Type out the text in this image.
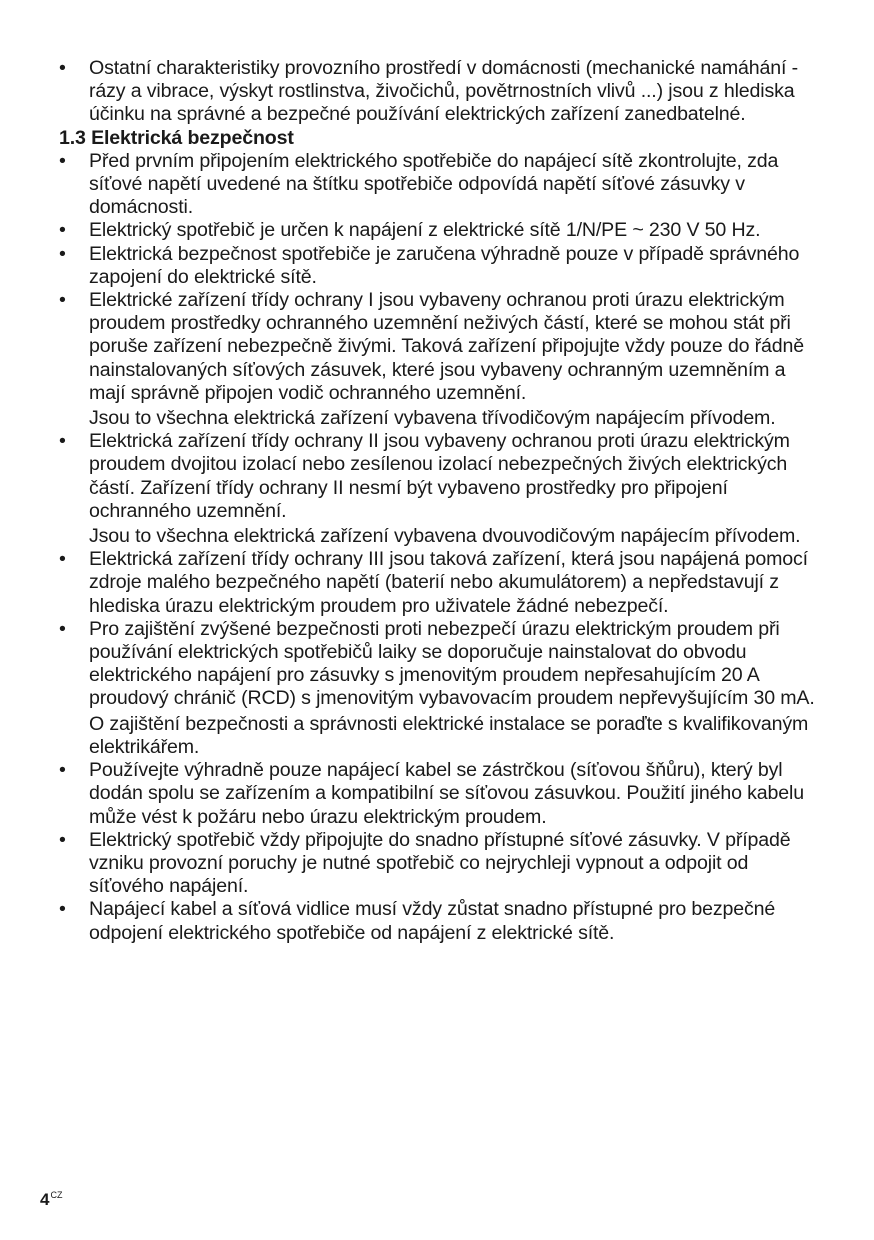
•

Ostatní charakteristiky provozního prostředí v domácnosti (mechanické namáhání - rázy a vibrace, výskyt rostlinstva, živočichů, povětrnostních vlivů ...) jsou z hlediska účinku na správné a bezpečné používání elektrických zařízení zanedbatelné.

1.3 Elektrická bezpečnost

•

Před prvním připojením elektrického spotřebiče do napájecí sítě zkontrolujte, zda síťové napětí uvedené na štítku spotřebiče odpovídá napětí síťové zásuvky v domácnosti.

•

Elektrický spotřebič je určen k napájení z elektrické sítě 1/N/PE ~ 230 V 50 Hz.

•

Elektrická bezpečnost spotřebiče je zaručena výhradně pouze v případě správného zapojení do elektrické sítě.

•

Elektrické zařízení třídy ochrany I jsou vybaveny ochranou proti úrazu elektrickým proudem prostředky ochranného uzemnění neživých částí, které se mohou stát při poruše zařízení nebezpečně živými. Taková zařízení připojujte vždy pouze do řádně nainstalovaných síťových zásuvek, které jsou vybaveny ochranným uzemněním a mají správně připojen vodič ochranného uzemnění.

Jsou to všechna elektrická zařízení vybavena třívodičovým napájecím přívodem.

•

Elektrická zařízení třídy ochrany II jsou vybaveny ochranou proti úrazu elektrickým proudem dvojitou izolací nebo zesílenou izolací nebezpečných živých elektrických částí. Zařízení třídy ochrany II nesmí být vybaveno prostředky pro připojení ochranného uzemnění.

Jsou to všechna elektrická zařízení vybavena dvouvodičovým napájecím přívodem.

•

Elektrická zařízení třídy ochrany III jsou taková zařízení, která jsou napájená pomocí zdroje malého bezpečného napětí (baterií nebo akumulátorem) a nepředstavují z hlediska úrazu elektrickým proudem pro uživatele žádné nebezpečí.

•

Pro zajištění zvýšené bezpečnosti proti nebezpečí úrazu elektrickým proudem při používání elektrických spotřebičů laiky se doporučuje nainstalovat do obvodu elektrického napájení pro zásuvky s jmenovitým proudem nepřesahujícím 20 A proudový chránič (RCD) s jmenovitým vybavovacím proudem nepřevyšujícím 30 mA.

O zajištění bezpečnosti a správnosti elektrické instalace se poraďte s kvalifikovaným elektrikářem.

•

Používejte výhradně pouze napájecí kabel se zástrčkou (síťovou šňůru), který byl dodán spolu se zařízením a kompatibilní se síťovou zásuvkou. Použití jiného kabelu může vést k požáru nebo úrazu elektrickým proudem.

•

Elektrický spotřebič vždy připojujte do snadno přístupné síťové zásuvky. V případě vzniku provozní poruchy je nutné spotřebič co nejrychleji vypnout a odpojit od síťového napájení.

•

Napájecí kabel a síťová vidlice musí vždy zůstat snadno přístupné pro bezpečné odpojení elektrického spotřebiče od napájení z elektrické sítě.

$4^{CZ}$
